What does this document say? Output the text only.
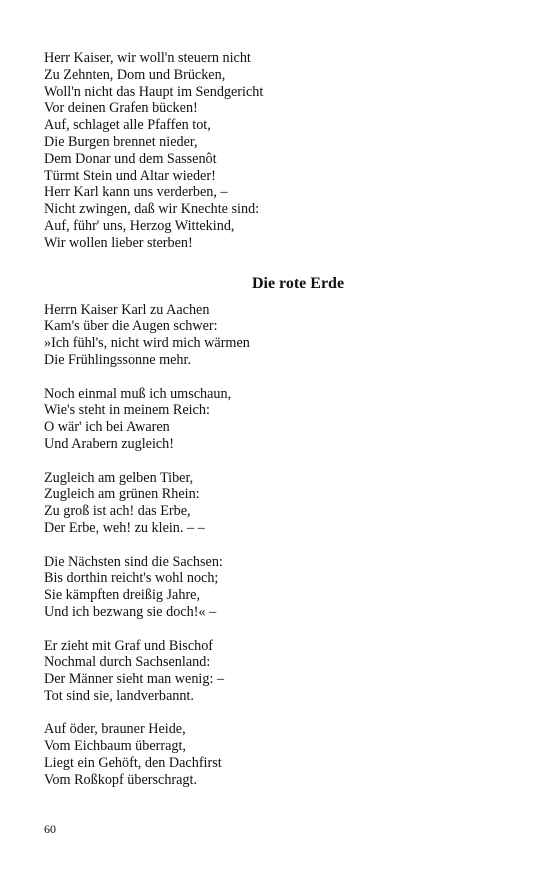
Herr Kaiser, wir woll'n steuern nicht
Zu Zehnten, Dom und Brücken,
Woll'n nicht das Haupt im Sendgericht
Vor deinen Grafen bücken!
Auf, schlaget alle Pfaffen tot,
Die Burgen brennet nieder,
Dem Donar und dem Sassenôt
Türmt Stein und Altar wieder!
Herr Karl kann uns verderben, –
Nicht zwingen, daß wir Knechte sind:
Auf, führ' uns, Herzog Wittekind,
Wir wollen lieber sterben!
Die rote Erde
Herrn Kaiser Karl zu Aachen
Kam's über die Augen schwer:
»Ich fühl's, nicht wird mich wärmen
Die Frühlingssonne mehr.
Noch einmal muß ich umschaun,
Wie's steht in meinem Reich:
O wär' ich bei Awaren
Und Arabern zugleich!
Zugleich am gelben Tiber,
Zugleich am grünen Rhein:
Zu groß ist ach! das Erbe,
Der Erbe, weh! zu klein. – –
Die Nächsten sind die Sachsen:
Bis dorthin reicht's wohl noch;
Sie kämpften dreißig Jahre,
Und ich bezwang sie doch!« –
Er zieht mit Graf und Bischof
Nochmal durch Sachsenland:
Der Männer sieht man wenig: –
Tot sind sie, landverbannt.
Auf öder, brauner Heide,
Vom Eichbaum überragt,
Liegt ein Gehöft, den Dachfirst
Vom Roßkopf überschragt.
60
